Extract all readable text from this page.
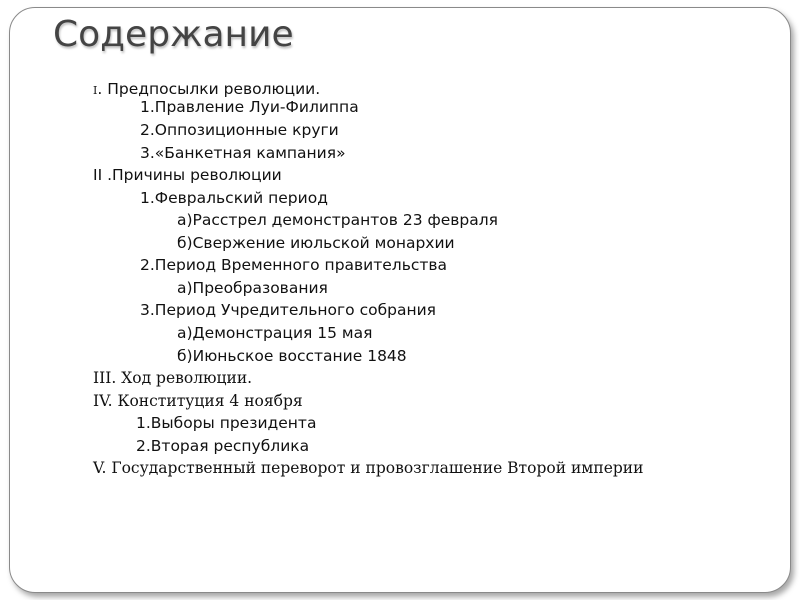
Содержание
I. Предпосылки революции.
1.Правление Луи-Филиппа
2.Оппозиционные круги
3.«Банкетная кампания»
II .Причины революции
1.Февральский период
а)Расстрел демонстрантов 23 февраля
б)Свержение июльской монархии
2.Период Временного правительства
а)Преобразования
3.Период Учредительного собрания
а)Демонстрация 15 мая
б)Июньское восстание 1848
III. Ход революции.
IV. Конституция 4 ноября
1.Выборы президента
2.Вторая республика
V. Государственный переворот и провозглашение Второй империи
